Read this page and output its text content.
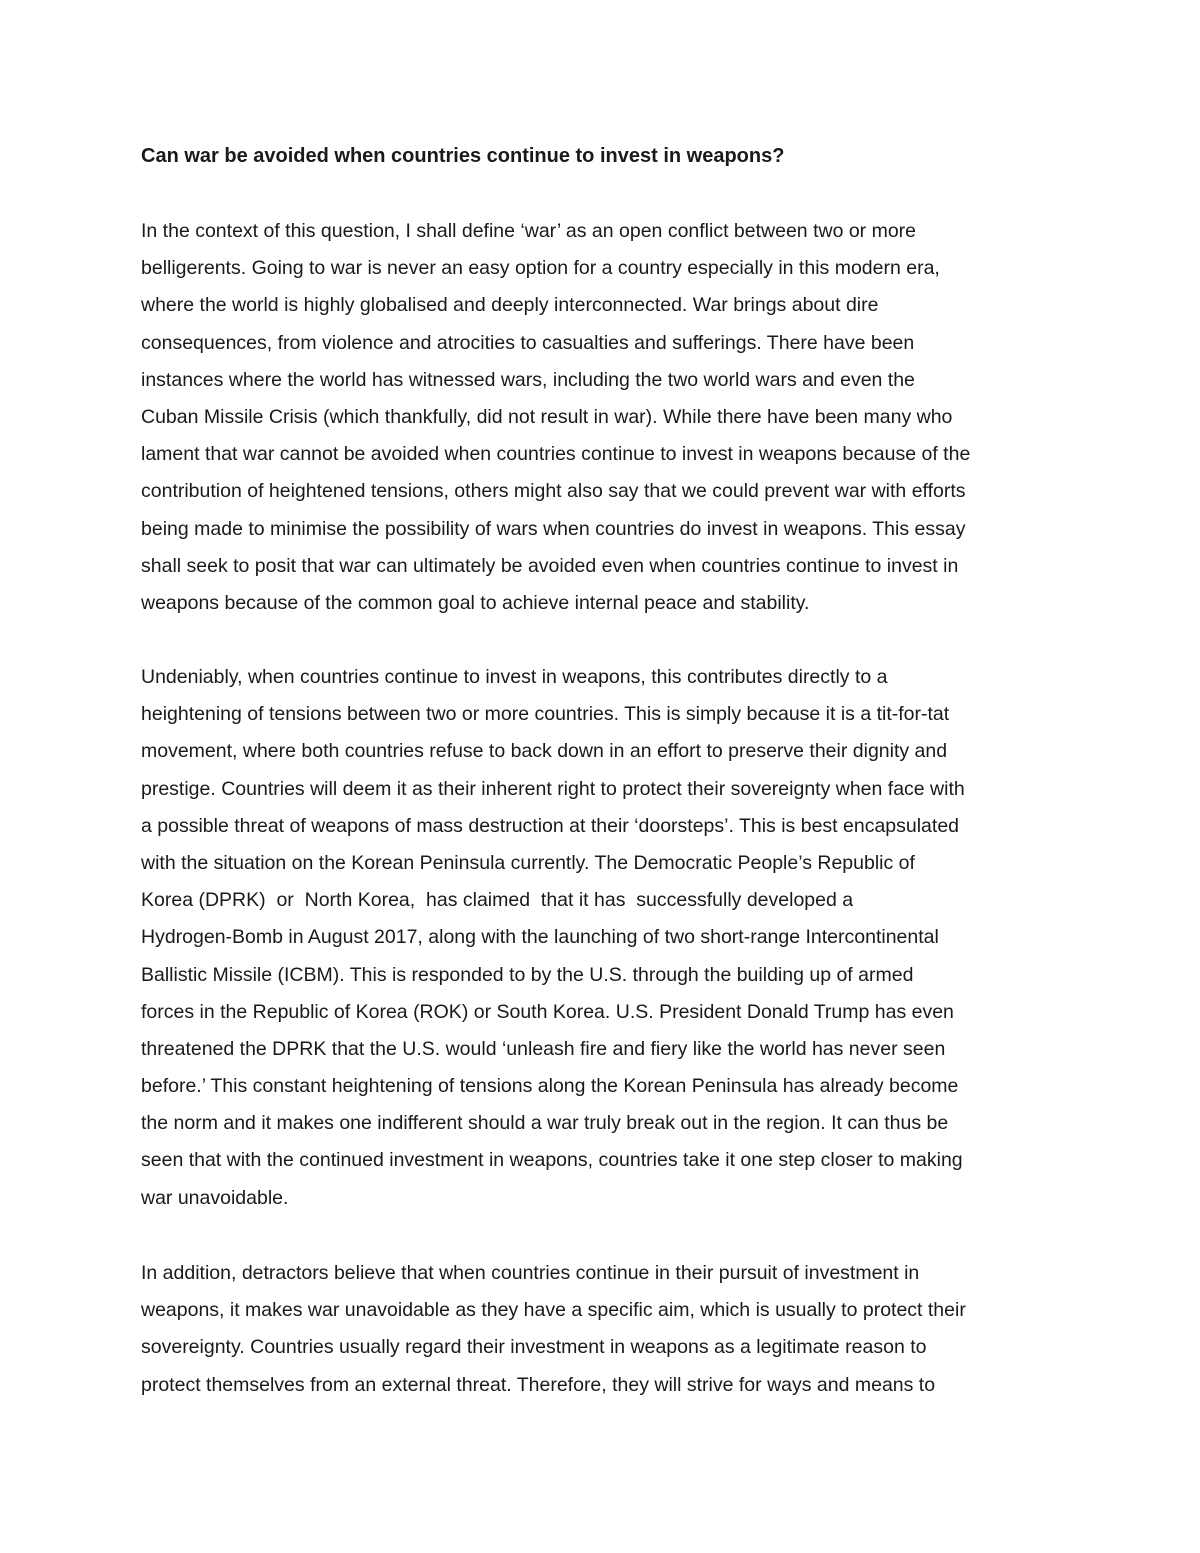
Can war be avoided when countries continue to invest in weapons?

In the context of this question, I shall define ‘war’ as an open conflict between two or more
belligerents. Going to war is never an easy option for a country especially in this modern era,
where the world is highly globalised and deeply interconnected. War brings about dire
consequences, from violence and atrocities to casualties and sufferings. There have been
instances where the world has witnessed wars, including the two world wars and even the
Cuban Missile Crisis (which thankfully, did not result in war). While there have been many who
lament that war cannot be avoided when countries continue to invest in weapons because of the
contribution of heightened tensions, others might also say that we could prevent war with efforts
being made to minimise the possibility of wars when countries do invest in weapons. This essay
shall seek to posit that war can ultimately be avoided even when countries continue to invest in
weapons because of the common goal to achieve internal peace and stability.

Undeniably, when countries continue to invest in weapons, this contributes directly to a
heightening of tensions between two or more countries. This is simply because it is a tit-for-tat
movement, where both countries refuse to back down in an effort to preserve their dignity and
prestige. Countries will deem it as their inherent right to protect their sovereignty when face with
a possible threat of weapons of mass destruction at their ‘doorsteps’. This is best encapsulated
with the situation on the Korean Peninsula currently. The Democratic People’s Republic of
Korea (DPRK)  or  North Korea,  has claimed  that it has  successfully developed a
Hydrogen-Bomb in August 2017, along with the launching of two short-range Intercontinental
Ballistic Missile (ICBM). This is responded to by the U.S. through the building up of armed
forces in the Republic of Korea (ROK) or South Korea. U.S. President Donald Trump has even
threatened the DPRK that the U.S. would ‘unleash fire and fiery like the world has never seen
before.’ This constant heightening of tensions along the Korean Peninsula has already become
the norm and it makes one indifferent should a war truly break out in the region. It can thus be
seen that with the continued investment in weapons, countries take it one step closer to making
war unavoidable.

In addition, detractors believe that when countries continue in their pursuit of investment in
weapons, it makes war unavoidable as they have a specific aim, which is usually to protect their
sovereignty. Countries usually regard their investment in weapons as a legitimate reason to
protect themselves from an external threat. Therefore, they will strive for ways and means to
